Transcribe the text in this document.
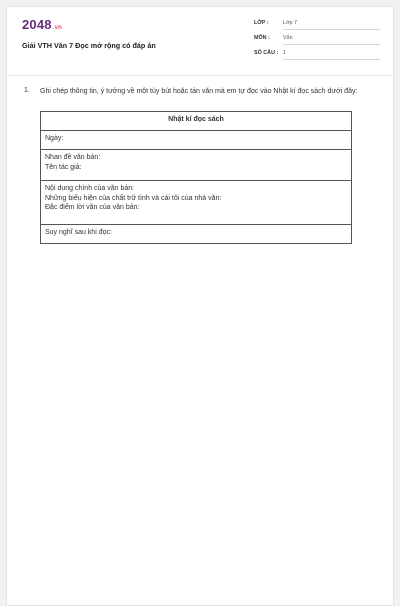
2048.vn
Giải VTH Văn 7 Đọc mở rộng có đáp án
LỚP :	Lớp 7
MÔN : Văn
SỐ CÂU : 1
1. Ghi chép thông tin, ý tưởng về một tùy bút hoặc tản văn mà em tự đọc vào Nhật kí đọc sách dưới đây:
Nhật kí đọc sách
Ngày:

Nhan đề văn bản:
Tên tác giả:

Nội dung chính của văn bản:
Những biểu hiện của chất trữ tình và cái tôi của nhà văn:
Đặc điểm lời văn của văn bản:

Suy nghĩ sau khi đọc:
